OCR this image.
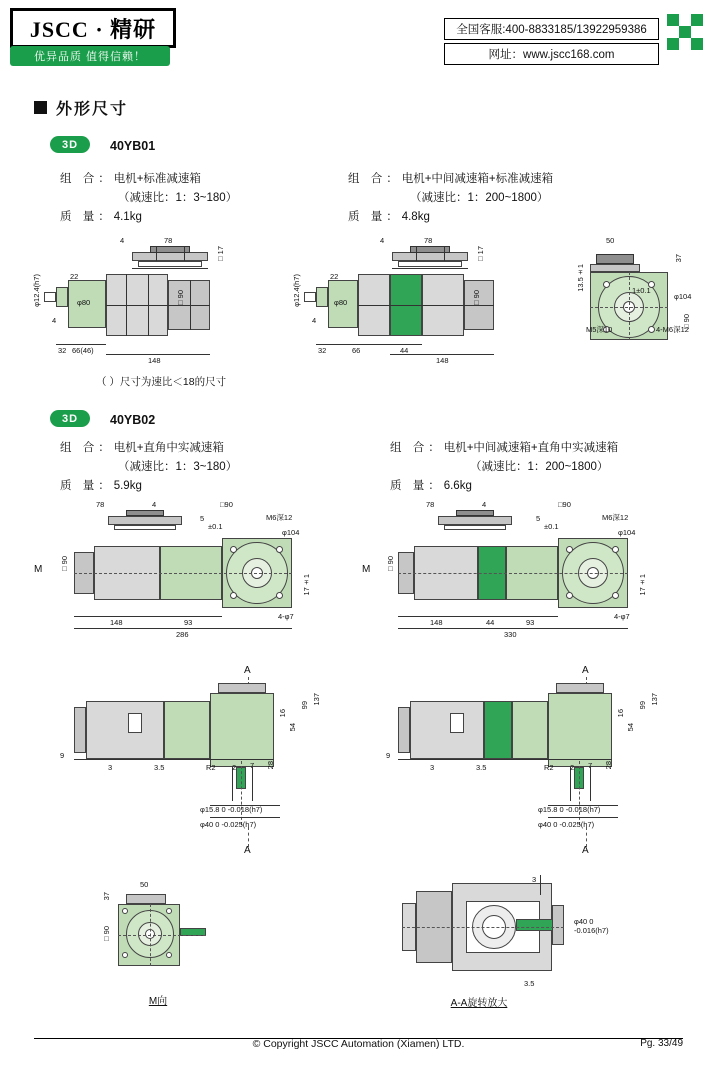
JSCC · 精研
优异品质 值得信赖！
全国客服:400-8833185/13922959386
网址：www.jscc168.com
外形尺寸
3D	40YB01
组 合：电机+标准减速箱
（减速比：1：3~180）
质 量：4.1kg
组 合：电机+中间减速箱+标准减速箱
（减速比：1：200~1800）
质 量：4.8kg
4	78
□17
φ12.4(h7)	22
φ80
4
□90
32 66(46)
148
4	78
□17
φ12.4(h7)	22
φ80
4
□90
32	66	44
148
50
37
13.5±1
φ104
□90
M5深10	4-M6深12
1±0.1
（ ）尺寸为速比＜18的尺寸
3D	40YB02
组 合：电机+直角中实减速箱
（减速比：1：3~180）
质 量：5.9kg
组 合：电机+中间减速箱+直角中实减速箱
（减速比：1：200~1800）
质 量：6.6kg
78	4	□90
5
±0.1
M6深12
φ104
□90
M
148	93
286
17±1
4-φ7
78	4	□90
5
±0.1
M6深12
φ104
□90
M
148	44	93
330
17±1
4-φ7
A
9
3	3.5	R2 2 7
16
54
99 137
28
φ15.8 0 -0.018(h7)
φ40 0 -0.025(h7)
A
A
9
3	3.5	R2 2 7
16
54
99 137
28
φ15.8 0 -0.018(h7)
φ40 0 -0.025(h7)
A
50
37
□90
M向
3
3.5
φ40 0 -0.016(h7)
A-A旋转放大
© Copyright JSCC Automation (Xiamen) LTD.	Pg. 33/49
